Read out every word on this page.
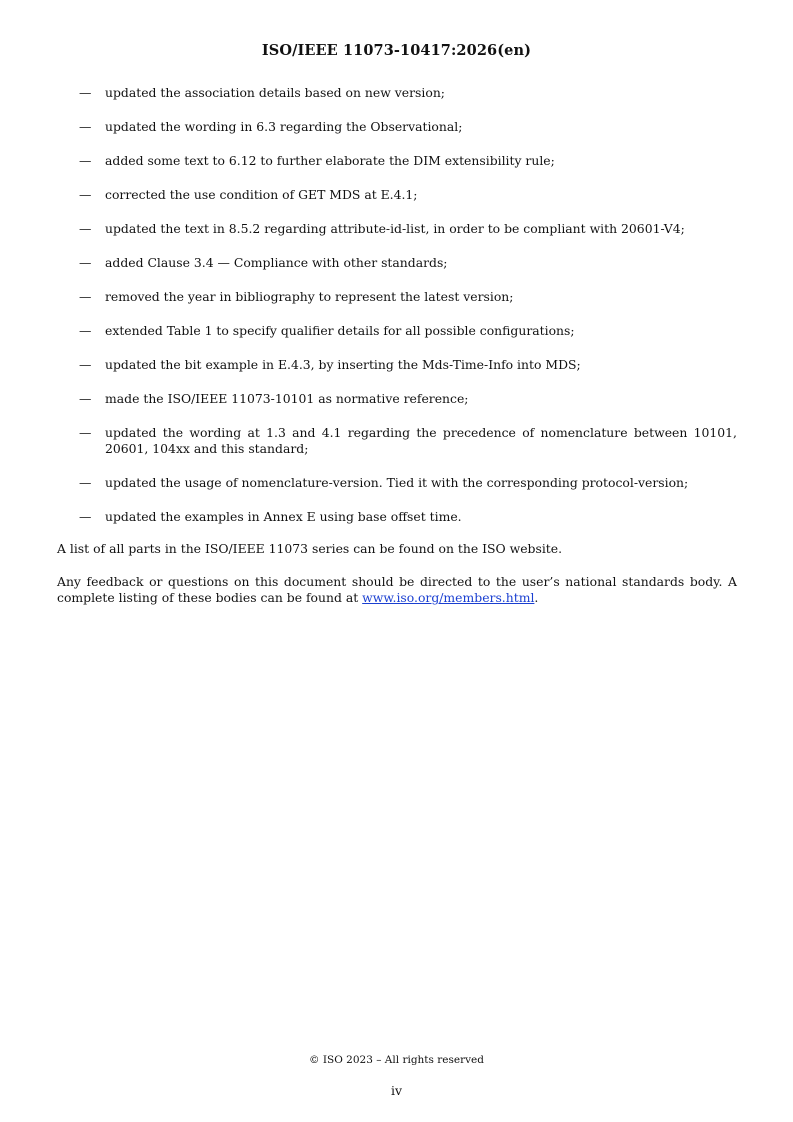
ISO/IEEE 11073-10417:2026(en)
— updated the association details based on new version;
— updated the wording in 6.3 regarding the Observational;
— added some text to 6.12 to further elaborate the DIM extensibility rule;
— corrected the use condition of GET MDS at E.4.1;
— updated the text in 8.5.2 regarding attribute-id-list, in order to be compliant with 20601-V4;
— added Clause 3.4 — Compliance with other standards;
— removed the year in bibliography to represent the latest version;
— extended Table 1 to specify qualifier details for all possible configurations;
— updated the bit example in E.4.3, by inserting the Mds-Time-Info into MDS;
— made the ISO/IEEE 11073-10101 as normative reference;
— updated the wording at 1.3 and 4.1 regarding the precedence of nomenclature between 10101, 20601, 104xx and this standard;
— updated the usage of nomenclature-version. Tied it with the corresponding protocol-version;
— updated the examples in Annex E using base offset time.

A list of all parts in the ISO/IEEE 11073 series can be found on the ISO website.

Any feedback or questions on this document should be directed to the user’s national standards body. A complete listing of these bodies can be found at www.iso.org/members.html.

© ISO 2023 – All rights reserved
iv
